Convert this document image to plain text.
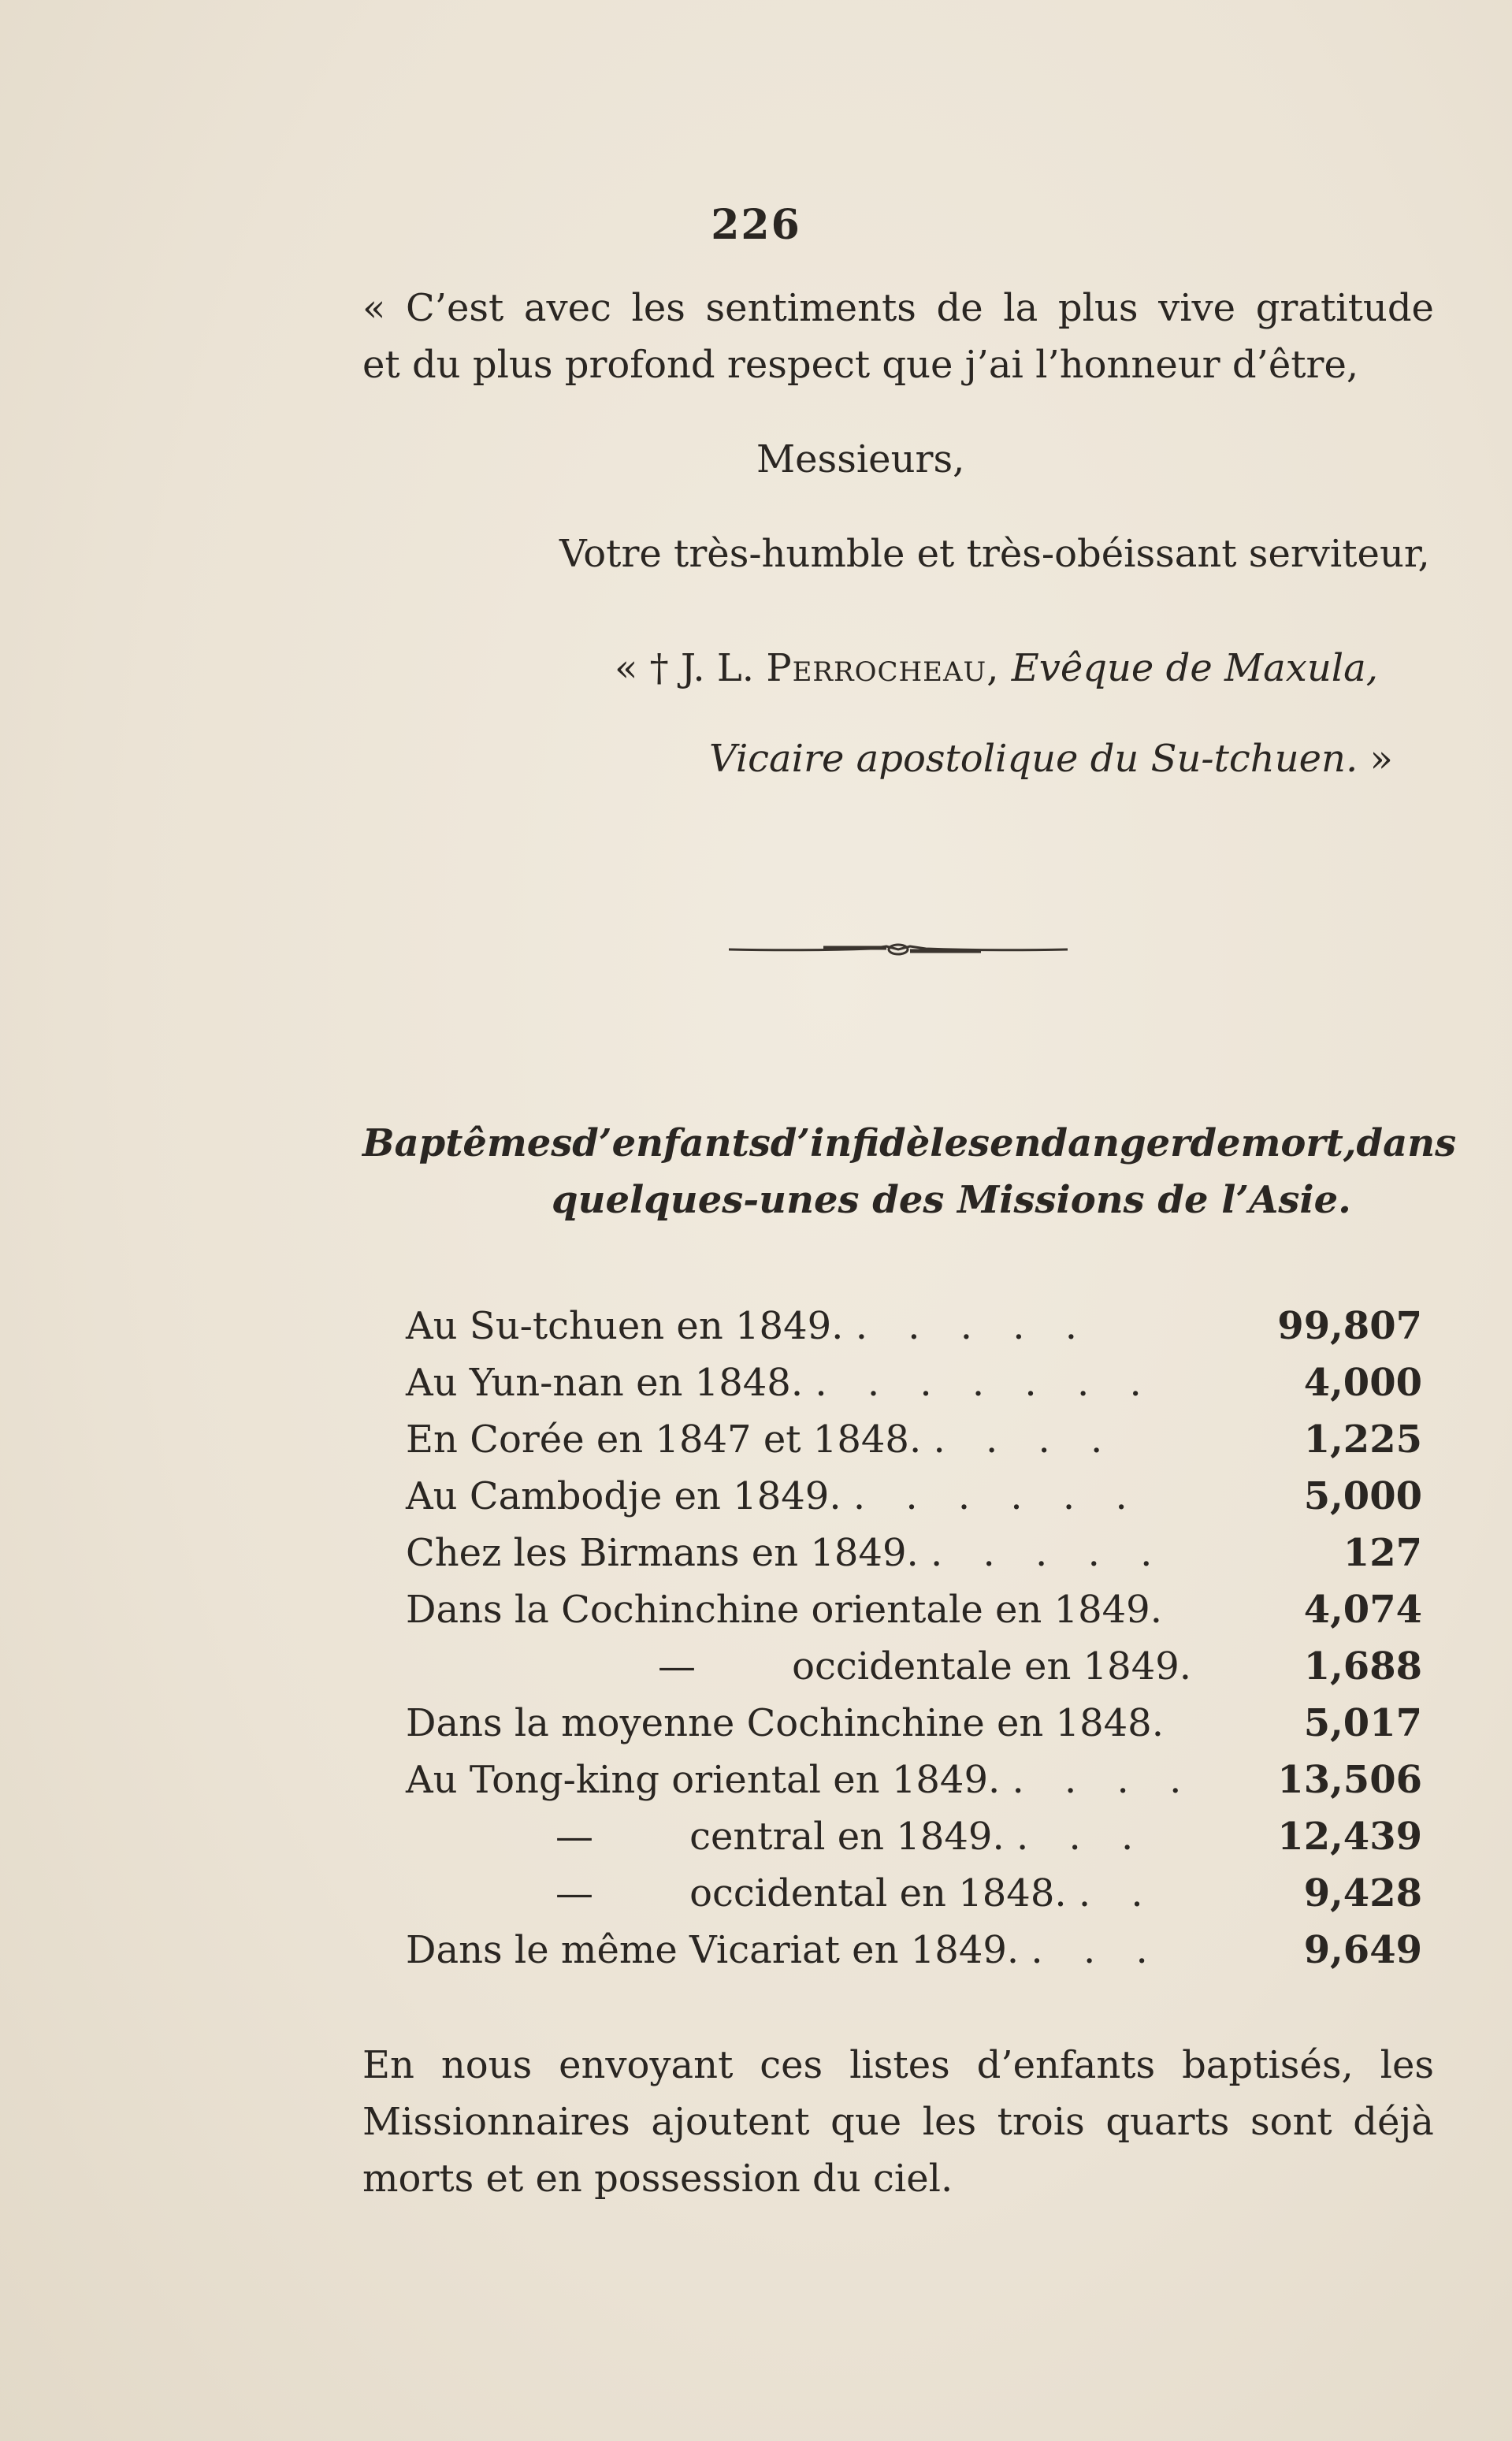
226
« C’est avec les sentiments de la plus vive gratitude
et du plus profond respect que j’ai l’honneur d’être,
Messieurs,
Votre très-humble et très-obéissant serviteur,
« † J. L. Perrocheau, Evêque de Maxula,
Vicaire apostolique du Su-tchuen. »
Baptêmes d’enfants d’infidèles en danger de mort, dans
quelques-unes des Missions de l’Asie.
Au Su-tchuen en 1849. . . . . .	99,807
Au Yun-nan en 1848. . . . . . . .	4,000
En Corée en 1847 et 1848. . . . .	1,225
Au Cambodje en 1849. . . . . . .	5,000
Chez les Birmans en 1849. . . . . .	127
Dans la Cochinchine orientale en 1849.	4,074
—        occidentale en 1849.	1,688
Dans la moyenne Cochinchine en 1848.	5,017
Au Tong-king oriental en 1849. . . . . 13,506
—        central en 1849. . . .	12,439
—        occidental en 1848. . .	9,428
Dans le même Vicariat en 1849. . . .	9,649
En nous envoyant ces listes d’enfants baptisés, les
Missionnaires ajoutent que les trois quarts sont déjà
morts et en possession du ciel.
